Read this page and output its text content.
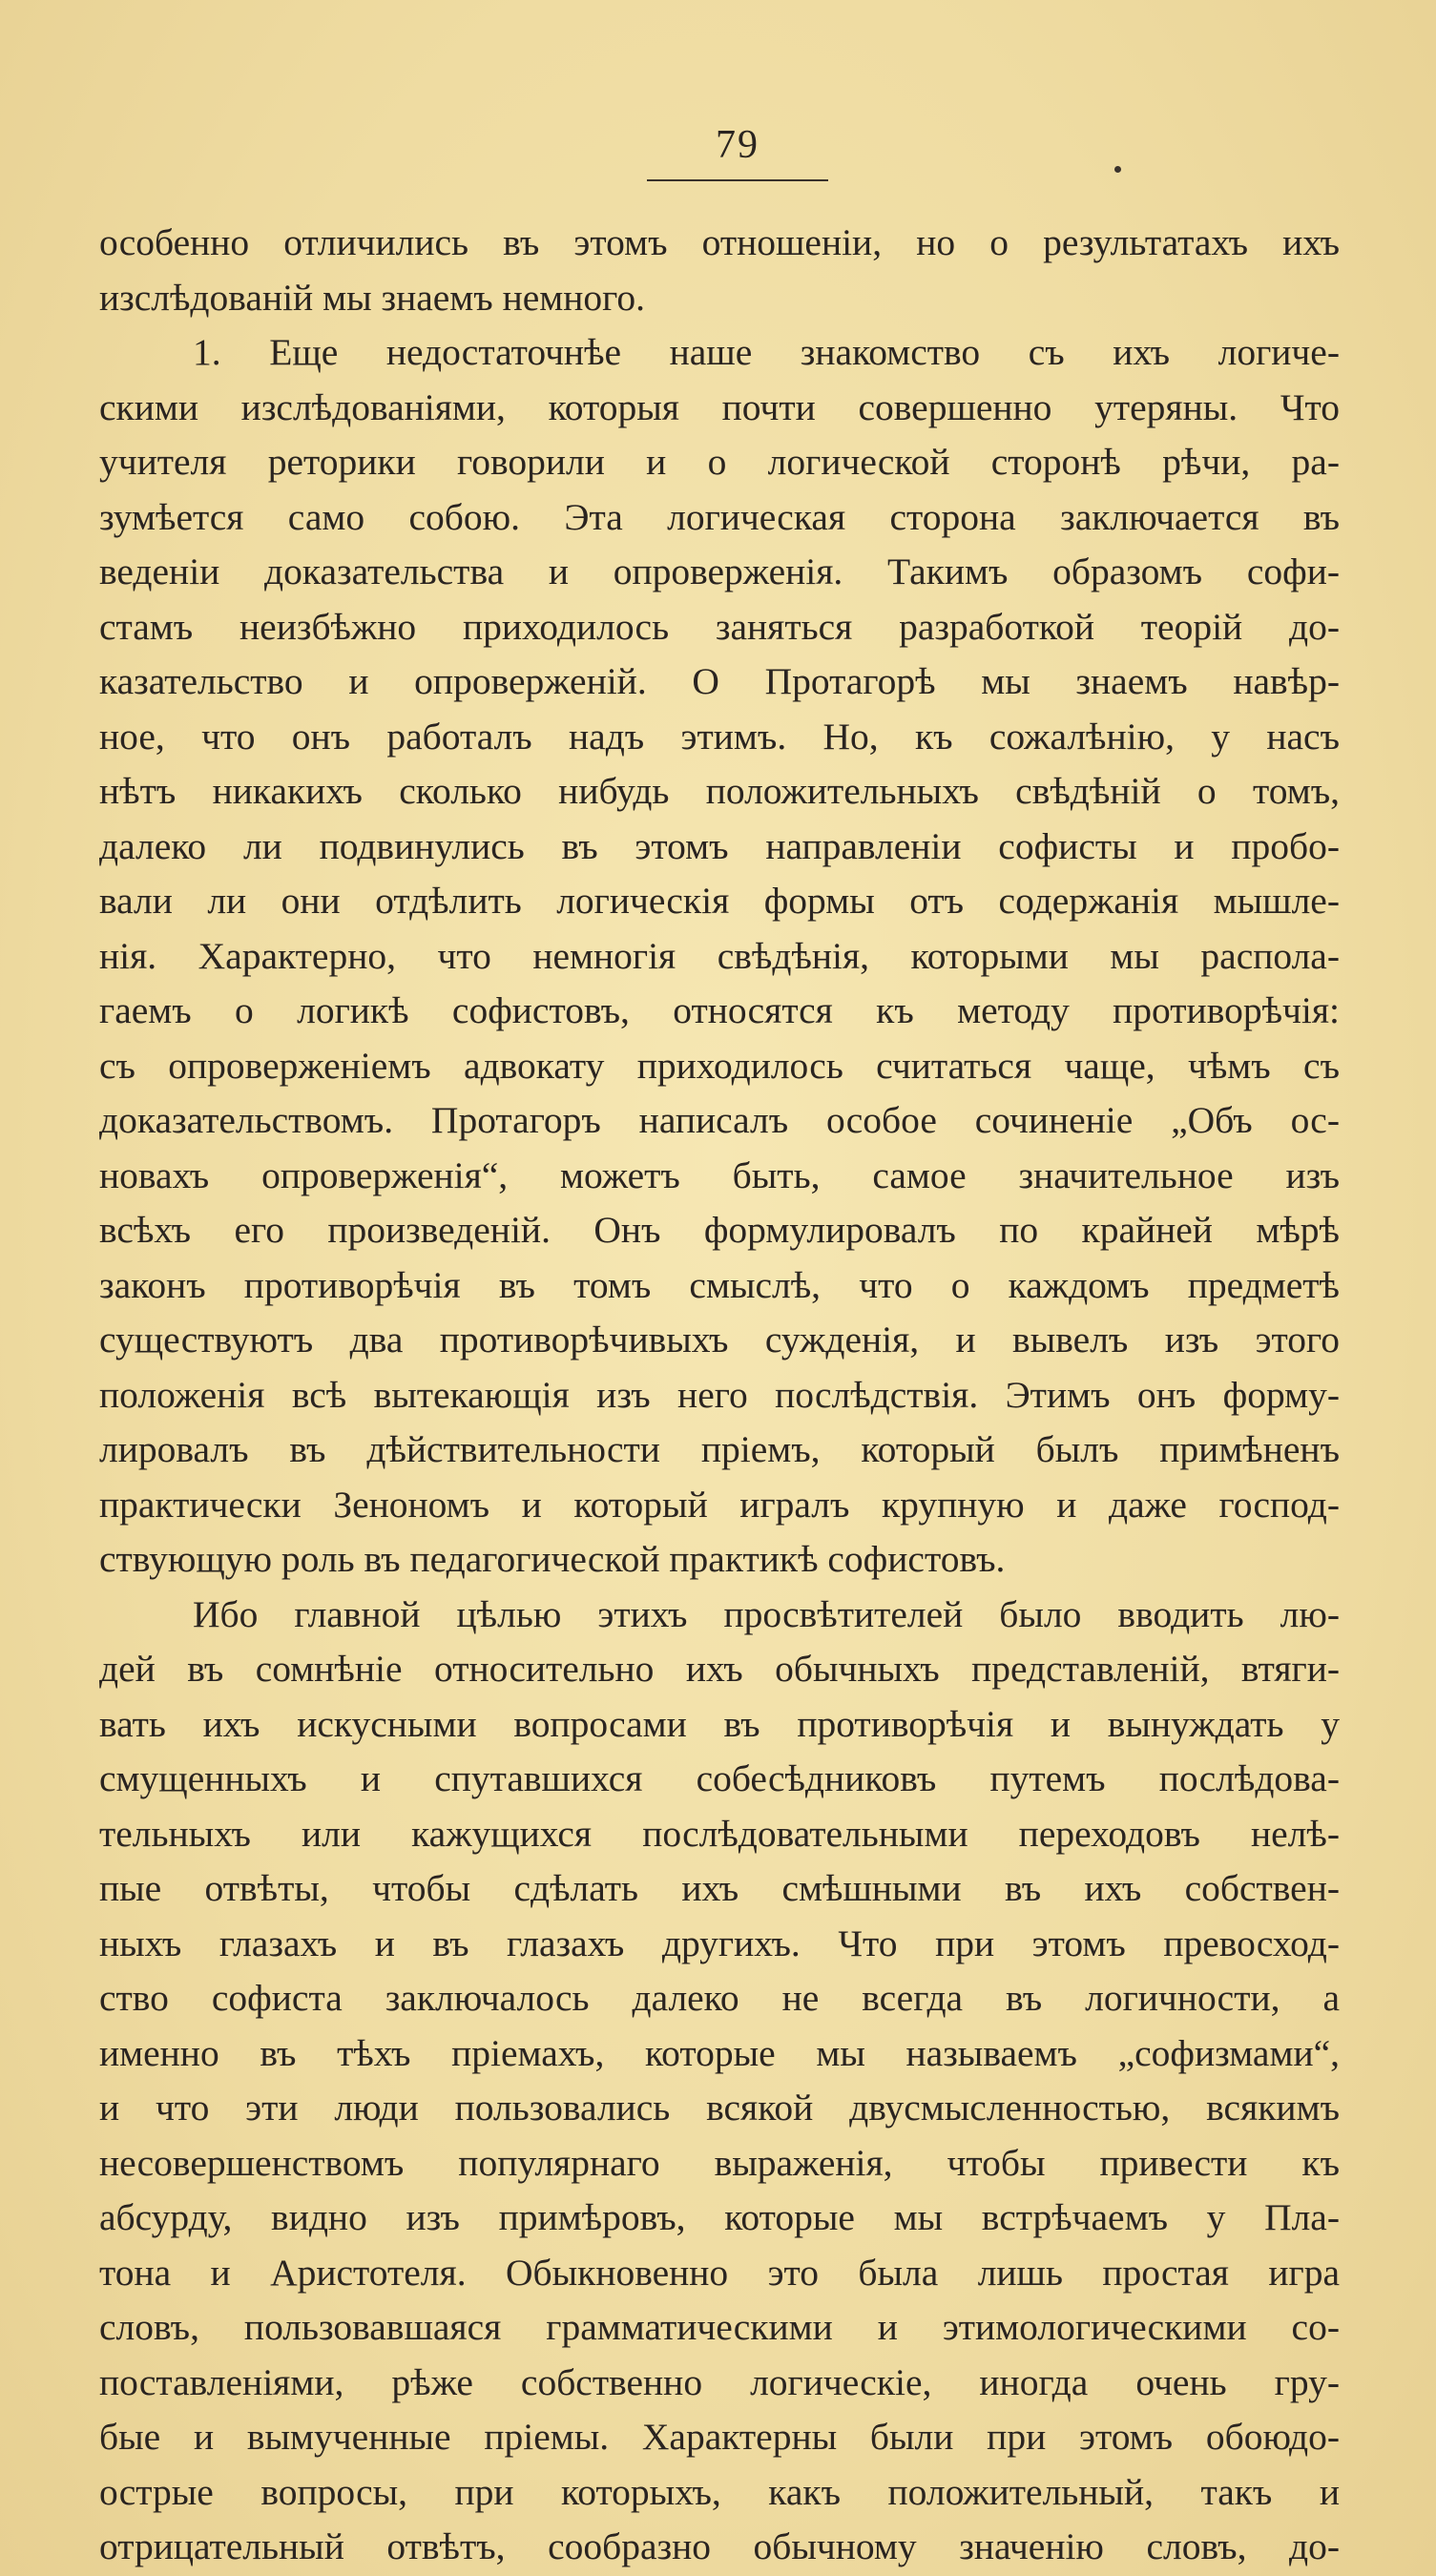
79
особенно отличились въ этомъ отношеніи, но о результатахъ ихъ
изслѣдованій мы знаемъ немного.
1. Еще недостаточнѣе наше знакомство съ ихъ логиче-
скими изслѣдованіями, которыя почти совершенно утеряны. Что
учителя реторики говорили и о логической сторонѣ рѣчи, ра-
зумѣется само собою. Эта логическая сторона заключается въ
веденіи доказательства и опроверженія. Такимъ образомъ софи-
стамъ неизбѣжно приходилось заняться разработкой теорій до-
казательство и опроверженій. О Протагорѣ мы знаемъ навѣр-
ное, что онъ работалъ надъ этимъ. Но, къ сожалѣнію, у насъ
нѣтъ никакихъ сколько нибудь положительныхъ свѣдѣній о томъ,
далеко ли подвинулись въ этомъ направленіи софисты и пробо-
вали ли они отдѣлить логическія формы отъ содержанія мышле-
нія. Характерно, что немногія свѣдѣнія, которыми мы распола-
гаемъ о логикѣ софистовъ, относятся къ методу противорѣчія:
съ опроверженіемъ адвокату приходилось считаться чаще, чѣмъ съ
доказательствомъ. Протагоръ написалъ особое сочиненіе „Объ ос-
новахъ опроверженія“, можетъ быть, самое значительное изъ
всѣхъ его произведеній. Онъ формулировалъ по крайней мѣрѣ
законъ противорѣчія въ томъ смыслѣ, что о каждомъ предметѣ
существуютъ два противорѣчивыхъ сужденія, и вывелъ изъ этого
положенія всѣ вытекающія изъ него послѣдствія. Этимъ онъ форму-
лировалъ въ дѣйствительности пріемъ, который былъ примѣненъ
практически Зенономъ и который игралъ крупную и даже господ-
ствующую роль въ педагогической практикѣ софистовъ.
Ибо главной цѣлью этихъ просвѣтителей было вводить лю-
дей въ сомнѣніе относительно ихъ обычныхъ представленій, втяги-
вать ихъ искусными вопросами въ противорѣчія и вынуждать у
смущенныхъ и спутавшихся собесѣдниковъ путемъ послѣдова-
тельныхъ или кажущихся послѣдовательными переходовъ нелѣ-
пые отвѣты, чтобы сдѣлать ихъ смѣшными въ ихъ собствен-
ныхъ глазахъ и въ глазахъ другихъ. Что при этомъ превосход-
ство софиста заключалось далеко не всегда въ логичности, а
именно въ тѣхъ пріемахъ, которые мы называемъ „софизмами“,
и что эти люди пользовались всякой двусмысленностью, всякимъ
несовершенствомъ популярнаго выраженія, чтобы привести къ
абсурду, видно изъ примѣровъ, которые мы встрѣчаемъ у Пла-
тона и Аристотеля. Обыкновенно это была лишь простая игра
словъ, пользовавшаяся грамматическими и этимологическими со-
поставленіями, рѣже собственно логическіе, иногда очень гру-
бые и вымученные пріемы. Характерны были при этомъ обоюдо-
острые вопросы, при которыхъ, какъ положительный, такъ и
отрицательный отвѣтъ, сообразно обычному значенію словъ, до-
